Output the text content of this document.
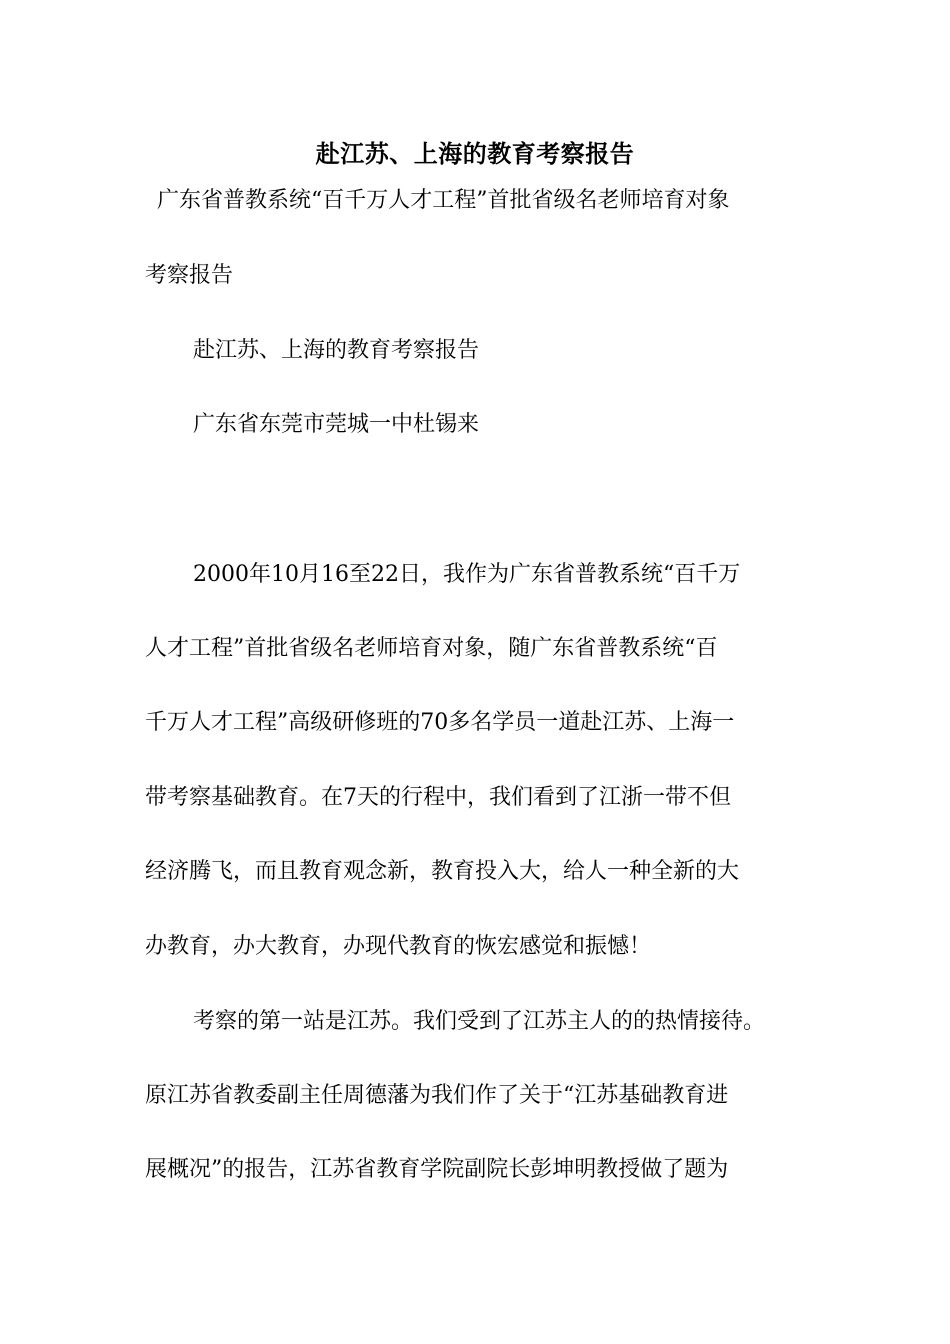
赴江苏、上海的教育考察报告
广东省普教系统“百千万人才工程”首批省级名老师培育对象
考察报告
赴江苏、上海的教育考察报告
广东省东莞市莞城一中杜锡来
2000年10月16至22日，我作为广东省普教系统“百千万
人才工程”首批省级名老师培育对象，随广东省普教系统“百
千万人才工程”高级研修班的70多名学员一道赴江苏、上海一
带考察基础教育。在7天的行程中，我们看到了江浙一带不但
经济腾飞，而且教育观念新，教育投入大，给人一种全新的大
办教育，办大教育，办现代教育的恢宏感觉和振憾！
考察的第一站是江苏。我们受到了江苏主人的的热情接待。
原江苏省教委副主任周德藩为我们作了关于“江苏基础教育进
展概况”的报告，江苏省教育学院副院长彭坤明教授做了题为
